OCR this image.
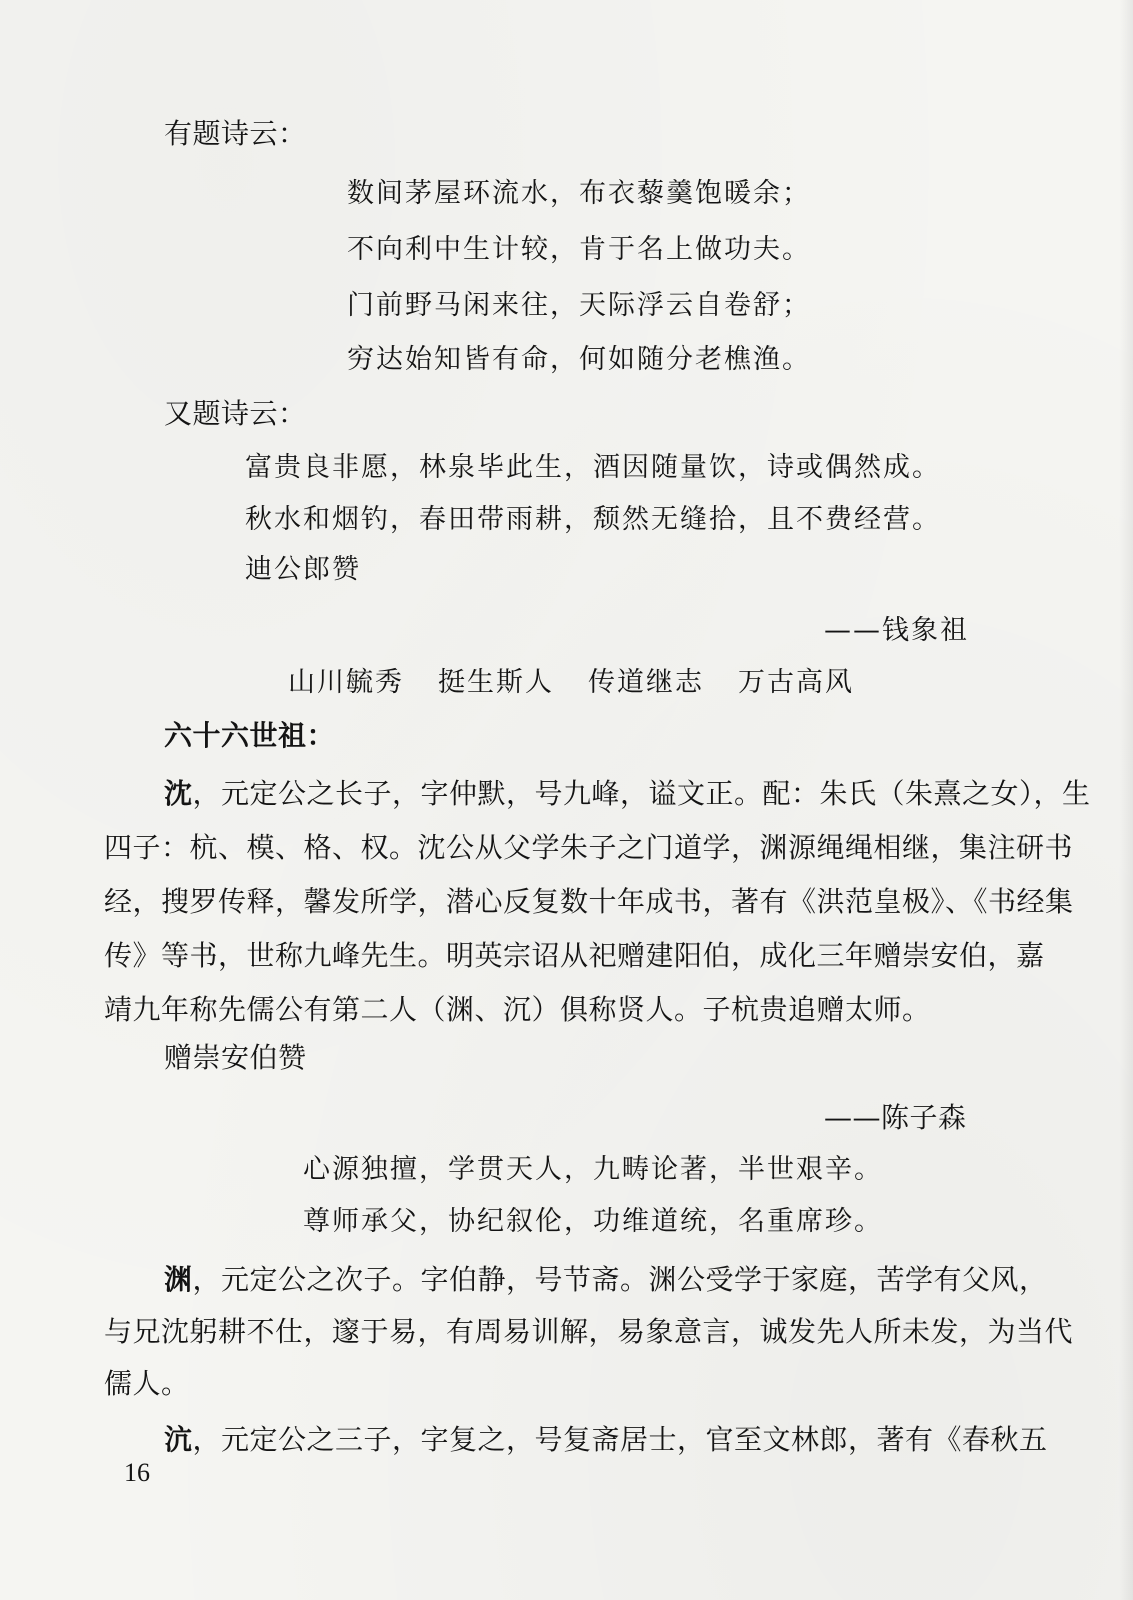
有题诗云：
数间茅屋环流水，布衣藜羹饱暖余；
不向利中生计较，肯于名上做功夫。
门前野马闲来往，天际浮云自卷舒；
穷达始知皆有命，何如随分老樵渔。
又题诗云：
富贵良非愿，林泉毕此生，酒因随量饮，诗或偶然成。
秋水和烟钓，春田带雨耕，颓然无缝拾，且不费经营。
迪公郎赞
——钱象祖
山川毓秀 挺生斯人 传道继志 万古高风
六十六世祖：
沈，元定公之长子，字仲默，号九峰，谥文正。配：朱氏（朱熹之女），生
四子：杭、模、格、权。沈公从父学朱子之门道学，渊源绳绳相继，集注研书
经，搜罗传释，馨发所学，潜心反复数十年成书，著有《洪范皇极》、《书经集
传》等书，世称九峰先生。明英宗诏从祀赠建阳伯，成化三年赠崇安伯，嘉
靖九年称先儒公有第二人（渊、沉）俱称贤人。子杭贵追赠太师。
赠崇安伯赞
——陈子森
心源独擅，学贯天人，九畴论著，半世艰辛。
尊师承父，协纪叙伦，功维道统，名重席珍。
渊，元定公之次子。字伯静，号节斋。渊公受学于家庭，苦学有父风，
与兄沈躬耕不仕，邃于易，有周易训解，易象意言，诚发先人所未发，为当代
儒人。
沆，元定公之三子，字复之，号复斋居士，官至文林郎，著有《春秋五
16
